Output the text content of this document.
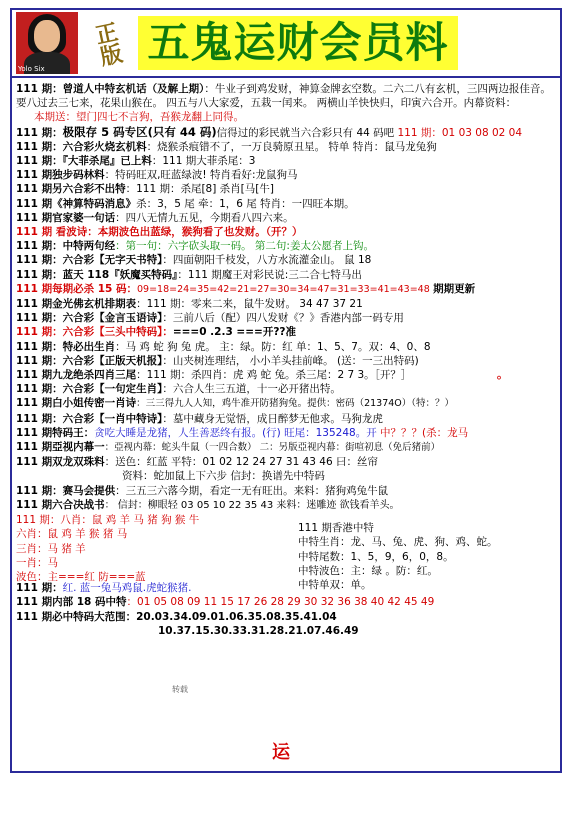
Yolo Six
正版 五鬼运财会员料
111 期：曾道人中特玄机话（及解上期）：牛业子到鸡发财，神算金牌玄空数。二六二八有玄机，三四两边报佳音。要八过去三七来，花果山猴在。 四五与八大家爱，五栽一闰来。 两横山羊快快归，印寅六合开。内幕资料：
本期送：望门四七不言狗，吾猴龙翻上同得。
111 期：极限存 5 码专区(只有 44 码)信得过的彩民就当六合彩只有 44 码吧 111 期：01 03 08 02 04
111 期：六合彩火烧玄机料：烧猴杀痕错不了，一万良骑原丑星。 特单 特肖：鼠马龙兔狗
111 期：『大菲杀尾』已上料：111 期大菲杀尾：3
111 期独步码林料：特码旺双,旺蓝绿波! 特肖看好:龙鼠狗马
111 期另六合彩不出特：111 期：杀尾[8] 杀肖[马[牛]
111 期《神算特码消息》杀：3，5 尾 牵：1，6 尾 特肖：一四旺本期。
111 期官家婆一句话：四八无情九五见，今期看八四六来。
111 期 看波诗：本期波色出蓝绿，猴狗看了也发财。（开？）
111 期：中特两句经：第一句：六字砍头取一码。 第二句:姜太公愿者上钩。
111 期：六合彩【无字天书特】：四面朝阳千枝发，八方水流灌金山。 鼠 18
111 期：蓝天 118『妖魔买特码』：111 期魔王对彩民说:三二合七特马出
111 期每期必杀 15 码：09=18=24=35=42=21=27=30=34=47=31=33=41=43=48 期期更新
111 期金光佛玄机排期表：111 期：零来二来，鼠牛发财。 34 47 37 21
111 期：六合彩【金言玉语诗】：三前八后（配）四八发财《？》香港内部一码专用
111 期：六合彩【三头中特码】：===0 .2.3 ===开??准
111 期：特必出生肖：马 鸡 蛇 狗 兔 虎。 主：绿。防：红 单：1、5、7。双：4、0、8
111 期：六合彩【正版天机报】：山夹树连理结， 小小羊头挂前峰。 (送：一三出特码)
111 期九龙绝杀四肖三尾：111 期：杀四肖：虎 鸡 蛇 兔。杀三尾：2 7 3。［开？］
111 期：六合彩【一句定生肖】：六合人生三五道，十一必开猪出特。
111 期白小姐传密一肖诗：三三得九人人知，鸡牛准开防猪狗兔。提供：密码（21374O）（特：？）
111 期：六合彩【一肖中特诗】：墓中藏身无觉悟，成日醉梦无他求。马狗龙虎
111 期特码王：贪吃大睡是龙猪，人生善恶终有报。(行) 旺尾：135248。开 中？？？(杀：龙马
111 期亞视内幕一：亞视内幕：蛇头牛鼠（一四合数） 二：另版亞视内幕：街喧初息（免后猪前）
111 期双龙双珠料：送色：红蓝 平特：01 02 12 24 27 31 43 46 曰：丝帘
资料：蛇加鼠上下六步 信封：换谱先中特码
111 期：赛马会提供：三五三六落今期，看定一无有旺出。来料：猪狗鸡兔牛鼠
111 期六合决战书： 信封：柳眼轻 03 05 10 22 35 43 来料：迷雕迹 欲钱看羊头。
111 期：八肖：鼠 鸡 羊 马 猪 狗 猴 牛
六肖：鼠 鸡 羊 猴 猪 马
三肖：马 猪 羊
一肖：马
波色：主===红 防===蓝
111 期香港中特
中特生肖：龙、马、兔、虎、狗、鸡、蛇。
中特尾数：1、5，9，6，0，8。
中特波色：主：绿 。防：红。
中特单双：单。
111 期：红. 蓝一兔马鸡鼠.虎蛇猴猪.
111 期内部 18 码中特：01 05 08 09 11 15 17 26 28 29 30 32 36 38 40 42 45 49
111 期必中特码大范围：20.03.34.09.01.06.35.08.35.41.04
10.37.15.30.33.31.28.21.07.46.49
转载
°
运
